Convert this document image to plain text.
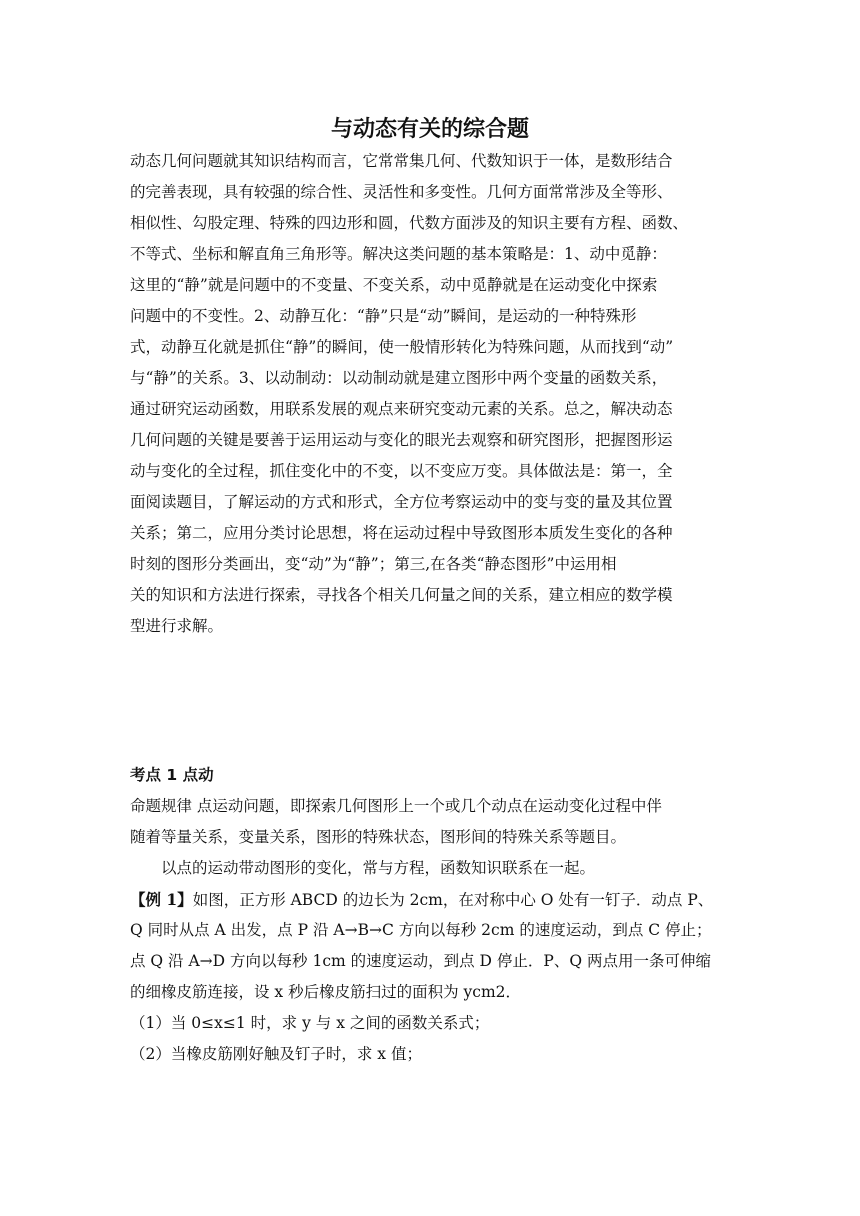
与动态有关的综合题
动态几何问题就其知识结构而言，它常常集几何、代数知识于一体，是数形结合
的完善表现，具有较强的综合性、灵活性和多变性。几何方面常常涉及全等形、
相似性、勾股定理、特殊的四边形和圆，代数方面涉及的知识主要有方程、函数、
不等式、坐标和解直角三角形等。解决这类问题的基本策略是：1、动中觅静：
这里的“静”就是问题中的不变量、不变关系，动中觅静就是在运动变化中探索
问题中的不变性。2、动静互化：“静”只是“动”瞬间，是运动的一种特殊形
式，动静互化就是抓住“静”的瞬间，使一般情形转化为特殊问题，从而找到“动”
与“静”的关系。3、以动制动：以动制动就是建立图形中两个变量的函数关系，
通过研究运动函数，用联系发展的观点来研究变动元素的关系。总之，解决动态
几何问题的关键是要善于运用运动与变化的眼光去观察和研究图形，把握图形运
动与变化的全过程，抓住变化中的不变，以不变应万变。具体做法是：第一，全
面阅读题目，了解运动的方式和形式，全方位考察运动中的变与变的量及其位置
关系；第二，应用分类讨论思想，将在运动过程中导致图形本质发生变化的各种
时刻的图形分类画出，变“动”为“静”；第三,在各类“静态图形”中运用相
关的知识和方法进行探索，寻找各个相关几何量之间的关系，建立相应的数学模
型进行求解。
考点 1 点动
命题规律 点运动问题，即探索几何图形上一个或几个动点在运动变化过程中伴
随着等量关系，变量关系，图形的特殊状态，图形间的特殊关系等题目。
以点的运动带动图形的变化，常与方程，函数知识联系在一起。
【例 1】如图，正方形 ABCD 的边长为 2cm，在对称中心 O 处有一钉子．动点 P、
Q 同时从点 A 出发，点 P 沿 A→B→C 方向以每秒 2cm 的速度运动，到点 C 停止；
点 Q 沿 A→D 方向以每秒 1cm 的速度运动，到点 D 停止．P、Q 两点用一条可伸缩
的细橡皮筋连接，设 x 秒后橡皮筋扫过的面积为 ycm2．
（1）当 0≤x≤1 时，求 y 与 x 之间的函数关系式；
（2）当橡皮筋刚好触及钉子时，求 x 值；
